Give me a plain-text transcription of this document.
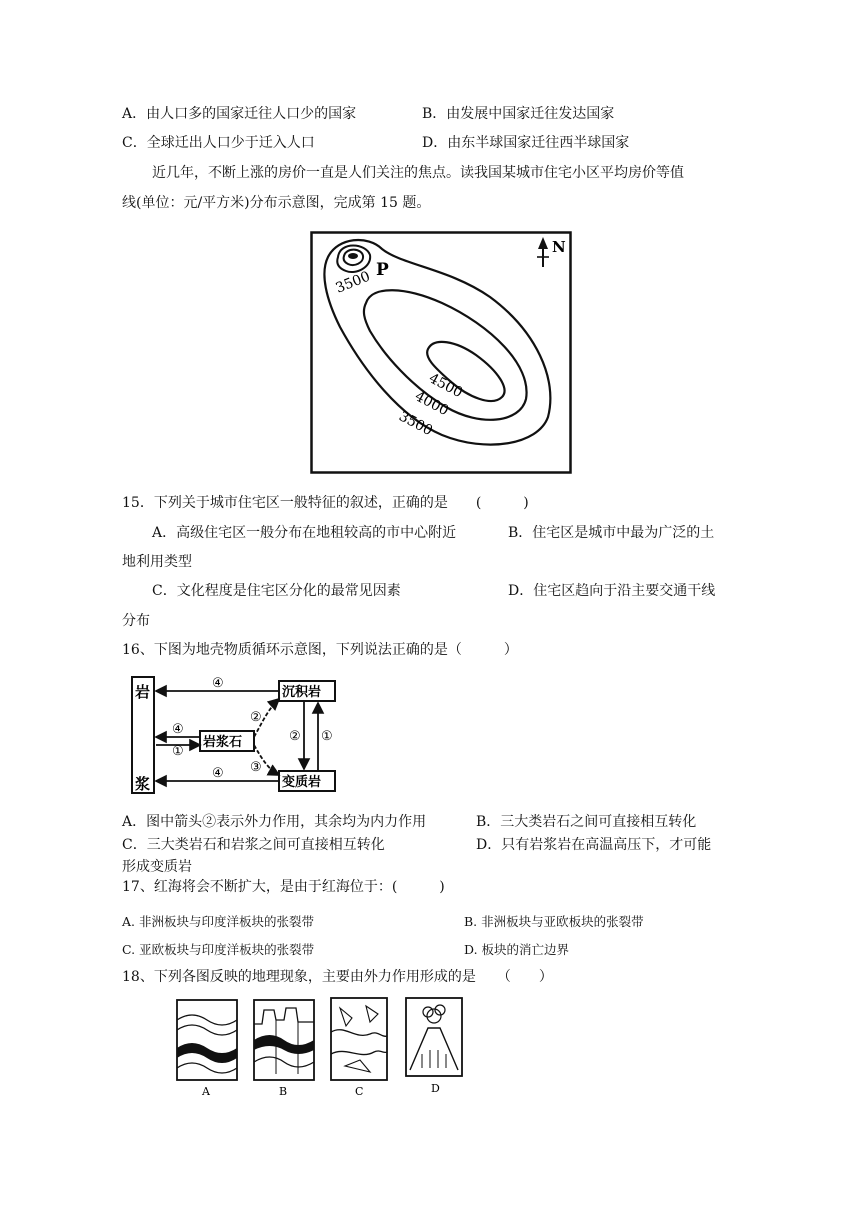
A．由人口多的国家迁往人口少的国家	B．由发展中国家迁往发达国家
C．全球迁出人口少于迁入人口	D．由东半球国家迁往西半球国家
近几年，不断上涨的房价一直是人们关注的焦点。读我国某城市住宅小区平均房价等值
线(单位：元/平方米)分布示意图，完成第 15 题。
N
P
3500
4500
4000
3500
15．下列关于城市住宅区一般特征的叙述，正确的是　　(　　　)
A．高级住宅区一般分布在地租较高的市中心附近	B．住宅区是城市中最为广泛的土
地利用类型
C．文化程度是住宅区分化的最常见因素	D．住宅区趋向于沿主要交通干线
分布
16、下图为地壳物质循环示意图，下列说法正确的是（　　　）
岩
浆
沉积岩
岩浆石
变质岩
④
④
④
①
②
③
② ①
A．图中箭头②表示外力作用，其余均为内力作用	B．三大类岩石之间可直接相互转化
C．三大类岩石和岩浆之间可直接相互转化	D．只有岩浆岩在高温高压下，才可能
形成变质岩
17、红海将会不断扩大，是由于红海位于：(　　　)
A. 非洲板块与印度洋板块的张裂带	B. 非洲板块与亚欧板块的张裂带
C. 亚欧板块与印度洋板块的张裂带	D. 板块的消亡边界
18、下列各图反映的地理现象，主要由外力作用形成的是　　（　　）
A	B	C	D
